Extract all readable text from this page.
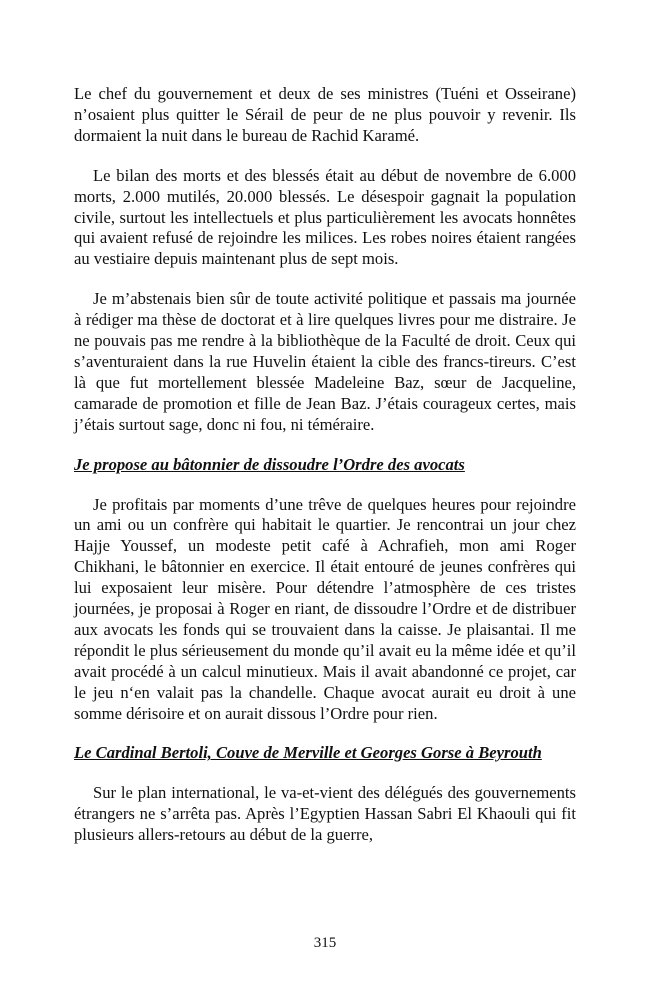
Le chef du gouvernement et deux de ses ministres (Tuéni et Osseirane) n’osaient plus quitter le Sérail de peur de ne plus pouvoir y revenir. Ils dormaient la nuit dans le bureau de Rachid Karamé.

Le bilan des morts et des blessés était au début de novembre de 6.000 morts, 2.000 mutilés, 20.000 blessés. Le désespoir gagnait la population civile, surtout les intellectuels et plus particulièrement les avocats honnêtes qui avaient refusé de rejoindre les milices. Les robes noires étaient rangées au vestiaire depuis maintenant plus de sept mois.

Je m’abstenais bien sûr de toute activité politique et passais ma journée à rédiger ma thèse de doctorat et à lire quelques livres pour me distraire. Je ne pouvais pas me rendre à la bibliothèque de la Faculté de droit. Ceux qui s’aventuraient dans la rue Huvelin étaient la cible des francs-tireurs. C’est là que fut mortellement blessée Madeleine Baz, sœur de Jacqueline, camarade de promotion et fille de Jean Baz. J’étais courageux certes, mais j’étais surtout sage, donc ni fou, ni téméraire.

Je propose au bâtonnier de dissoudre l’Ordre des avocats

Je profitais par moments d’une trêve de quelques heures pour rejoindre un ami ou un confrère qui habitait le quartier. Je rencontrai un jour chez Hajje Youssef, un modeste petit café à Achrafieh, mon ami Roger Chikhani, le bâtonnier en exercice. Il était entouré de jeunes confrères qui lui exposaient leur misère. Pour détendre l’atmosphère de ces tristes journées, je proposai à Roger en riant, de dissoudre l’Ordre et de distribuer aux avocats les fonds qui se trouvaient dans la caisse. Je plaisantai. Il me répondit le plus sérieusement du monde qu’il avait eu la même idée et qu’il avait procédé à un calcul minutieux. Mais il avait abandonné ce projet, car le jeu n‘en valait pas la chandelle. Chaque avocat aurait eu droit à une somme dérisoire et on aurait dissous l’Ordre pour rien.

Le Cardinal Bertoli, Couve de Merville et Georges Gorse à Beyrouth

Sur le plan international, le va-et-vient des délégués des gouvernements étrangers ne s’arrêta pas. Après l’Egyptien Hassan Sabri El Khaouli qui fit plusieurs allers-retours au début de la guerre,

315
